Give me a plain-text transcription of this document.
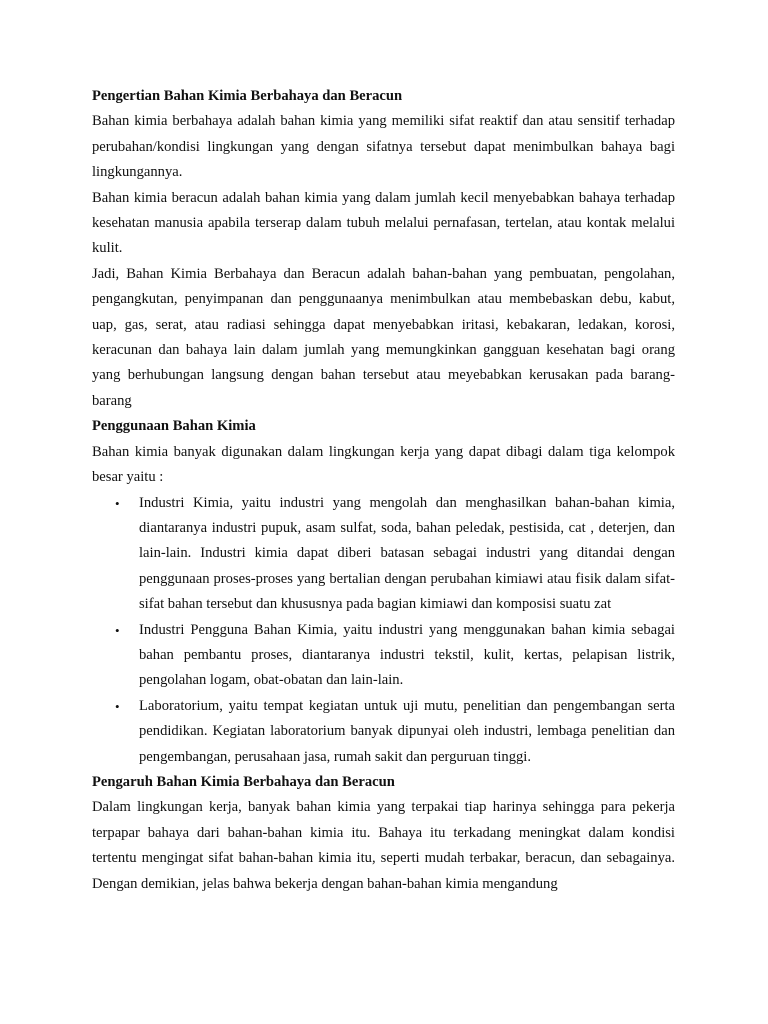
Pengertian Bahan Kimia Berbahaya dan Beracun

Bahan kimia berbahaya adalah bahan kimia yang memiliki sifat reaktif dan atau sensitif terhadap perubahan/kondisi lingkungan yang dengan sifatnya tersebut dapat menimbulkan bahaya bagi lingkungannya.

Bahan kimia beracun adalah bahan kimia yang dalam jumlah kecil menyebabkan bahaya terhadap kesehatan manusia apabila terserap dalam tubuh melalui pernafasan, tertelan, atau kontak melalui kulit.

Jadi, Bahan Kimia Berbahaya dan Beracun adalah bahan-bahan yang pembuatan, pengolahan, pengangkutan, penyimpanan dan penggunaanya menimbulkan atau membebaskan debu, kabut, uap, gas, serat, atau radiasi sehingga dapat menyebabkan iritasi, kebakaran, ledakan, korosi, keracunan dan bahaya lain dalam jumlah yang memungkinkan gangguan kesehatan bagi orang yang berhubungan langsung dengan bahan tersebut atau meyebabkan kerusakan pada barang-barang

Penggunaan Bahan Kimia

Bahan kimia banyak digunakan dalam lingkungan kerja yang dapat dibagi dalam tiga kelompok besar yaitu :

• Industri Kimia, yaitu industri yang mengolah dan menghasilkan bahan-bahan kimia, diantaranya industri pupuk, asam sulfat, soda, bahan peledak, pestisida, cat , deterjen, dan lain-lain. Industri kimia dapat diberi batasan sebagai industri yang ditandai dengan penggunaan proses-proses yang bertalian dengan perubahan kimiawi atau fisik dalam sifat-sifat bahan tersebut dan khususnya pada bagian kimiawi dan komposisi suatu zat
• Industri Pengguna Bahan Kimia, yaitu industri yang menggunakan bahan kimia sebagai bahan pembantu proses, diantaranya industri tekstil, kulit, kertas, pelapisan listrik, pengolahan logam, obat-obatan dan lain-lain.
• Laboratorium, yaitu tempat kegiatan untuk uji mutu, penelitian dan pengembangan serta pendidikan. Kegiatan laboratorium banyak dipunyai oleh industri, lembaga penelitian dan pengembangan, perusahaan jasa, rumah sakit dan perguruan tinggi.
Pengaruh Bahan Kimia Berbahaya dan Beracun

Dalam lingkungan kerja, banyak bahan kimia yang terpakai tiap harinya sehingga para pekerja terpapar bahaya dari bahan-bahan kimia itu. Bahaya itu terkadang meningkat dalam kondisi tertentu mengingat sifat bahan-bahan kimia itu, seperti mudah terbakar, beracun, dan sebagainya. Dengan demikian, jelas bahwa bekerja dengan bahan-bahan kimia mengandung
